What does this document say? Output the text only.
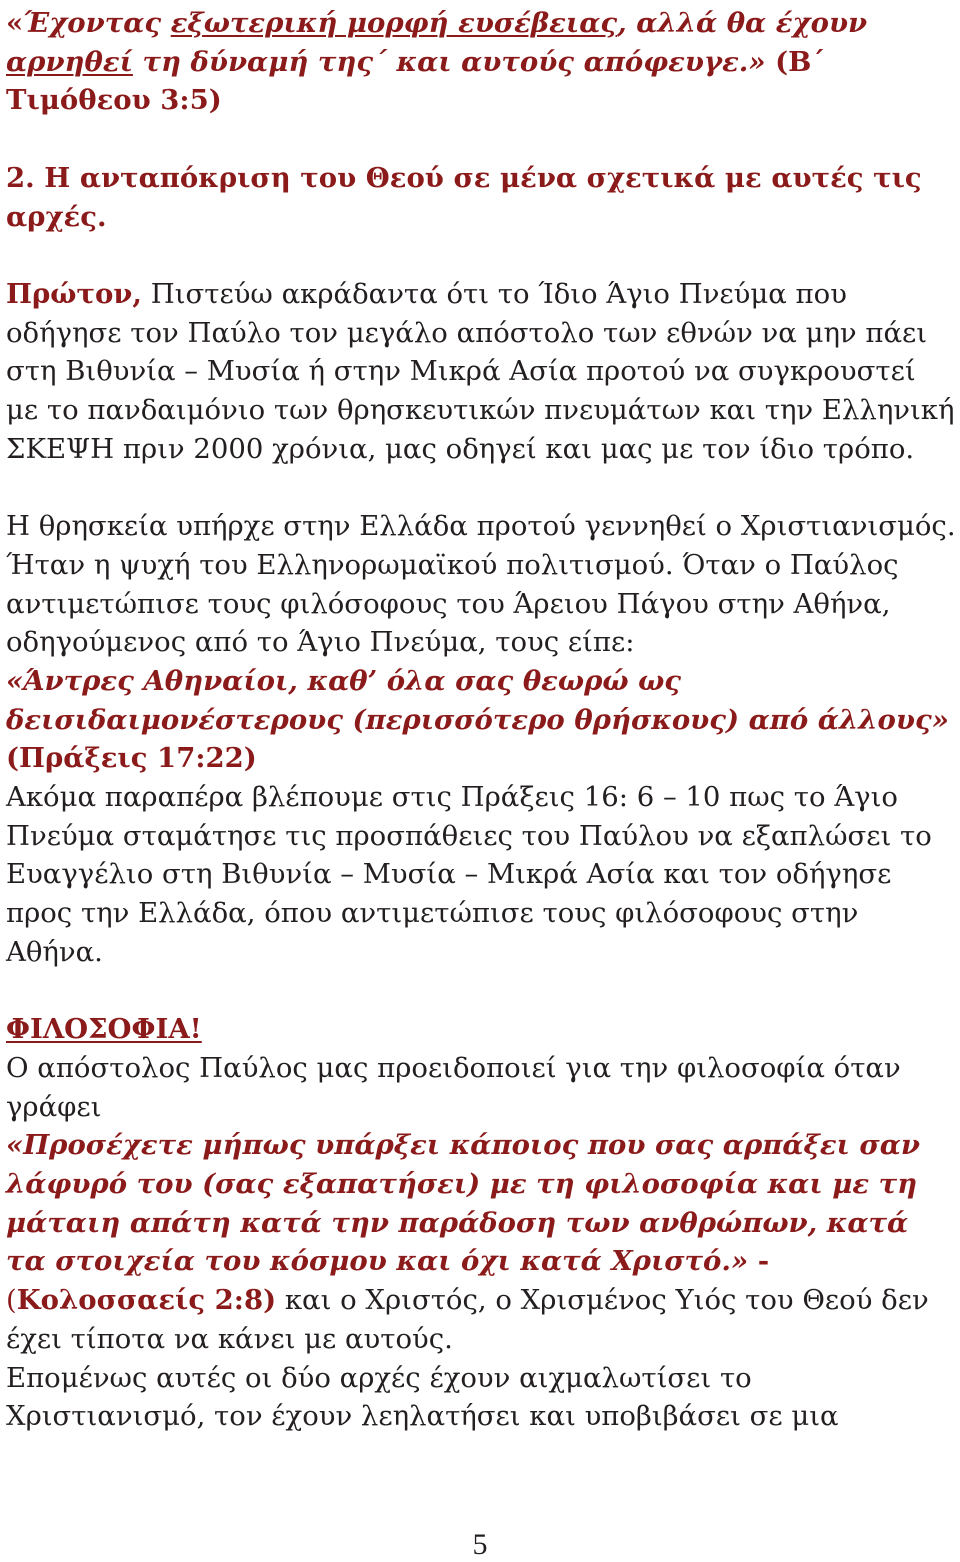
«Έχοντας εξωτερική μορφή ευσέβειας, αλλά θα έχουν αρνηθεί τη δύναμή της΄ και αυτούς απόφευγε.» (Β΄ Τιμόθεου 3:5)
2. Η ανταπόκριση του Θεού σε μένα σχετικά με αυτές τις αρχές.
Πρώτον, Πιστεύω ακράδαντα ότι το Ίδιο Άγιο Πνεύμα που οδήγησε τον Παύλο τον μεγάλο απόστολο των εθνών να μην πάει στη Βιθυνία – Μυσία ή στην Μικρά Ασία προτού να συγκρουστεί με το πανδαιμόνιο των θρησκευτικών πνευμάτων και την Ελληνική ΣΚΕΨΗ πριν 2000 χρόνια, μας οδηγεί και μας με τον ίδιο τρόπο.
Η θρησκεία υπήρχε στην Ελλάδα προτού γεννηθεί ο Χριστιανισμός. Ήταν η ψυχή του Ελληνορωμαϊκού πολιτισμού. Όταν ο Παύλος αντιμετώπισε τους φιλόσοφους του Άρειου Πάγου στην Αθήνα, οδηγούμενος από το Άγιο Πνεύμα, τους είπε:
«Άντρες Αθηναίοι, καθ’ όλα σας θεωρώ ως δεισιδαιμονέστερους (περισσότερο θρήσκους) από άλλους» (Πράξεις 17:22)
Ακόμα παραπέρα βλέπουμε στις Πράξεις 16: 6 – 10 πως το Άγιο Πνεύμα σταμάτησε τις προσπάθειες του Παύλου να εξαπλώσει το Ευαγγέλιο στη Βιθυνία – Μυσία – Μικρά Ασία και τον οδήγησε προς την Ελλάδα, όπου αντιμετώπισε τους φιλόσοφους στην Αθήνα.
ΦΙΛΟΣΟΦΙΑ!
Ο απόστολος Παύλος μας προειδοποιεί για την φιλοσοφία όταν γράφει
«Προσέχετε μήπως υπάρξει κάποιος που σας αρπάξει σαν λάφυρό του (σας εξαπατήσει) με τη φιλοσοφία και με τη μάταιη απάτη κατά την παράδοση των ανθρώπων, κατά τα στοιχεία του κόσμου και όχι κατά Χριστό.» - (Κολοσσαείς 2:8) και ο Χριστός, ο Χρισμένος Υιός του Θεού δεν έχει τίποτα να κάνει με αυτούς.
Επομένως αυτές οι δύο αρχές έχουν αιχμαλωτίσει το Χριστιανισμό, τον έχουν λεηλατήσει και υποβιβάσει σε μια
5
